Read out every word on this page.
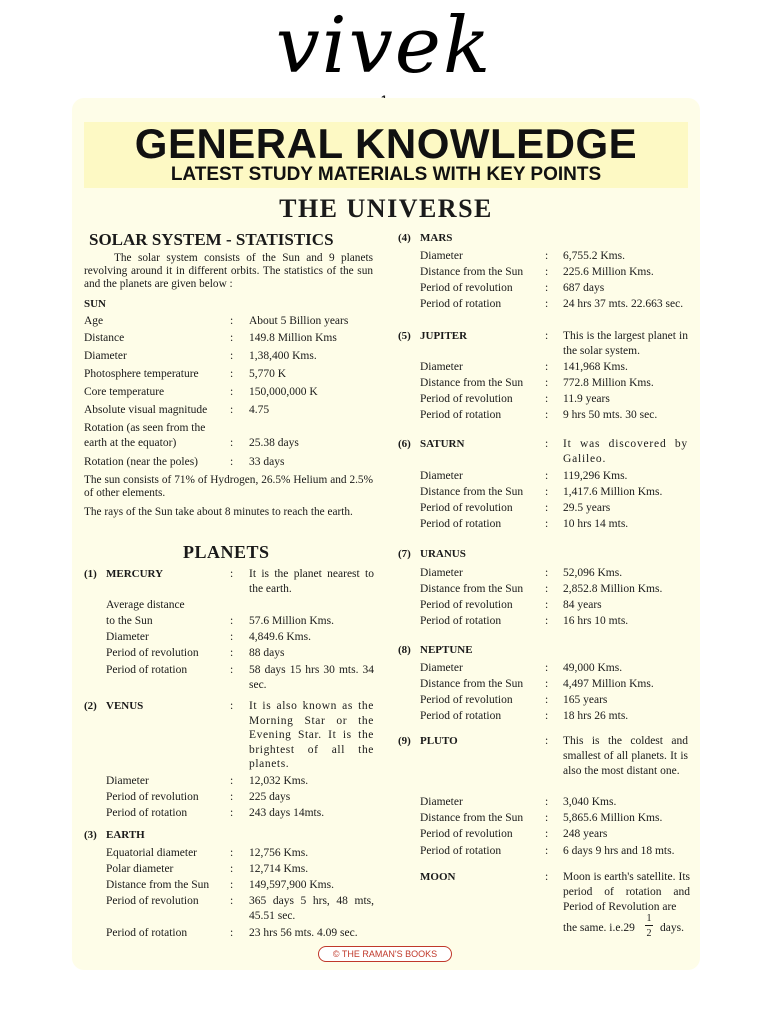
vivek
GENERAL KNOWLEDGE
LATEST STUDY MATERIALS WITH KEY POINTS
THE UNIVERSE
SOLAR SYSTEM - STATISTICS
The solar system consists of the Sun and 9 planets revolving around it in different orbits. The statistics of the sun and the planets are given below :
SUN
Age	: About 5 Billion years
Distance	: 149.8 Million Kms
Diameter	: 1,38,400 Kms.
Photosphere temperature	: 5,770 K
Core temperature	: 150,000,000 K
Absolute visual magnitude : 4.75
Rotation (as seen from the
earth at the equator)	: 25.38 days
Rotation (near the poles)	: 33 days
The sun consists of 71% of Hydrogen, 26.5% Helium and 2.5% of other elements.
The rays of the Sun take about 8 minutes to reach the earth.
PLANETS
(1) MERCURY	: It is the planet nearest to the earth.
Average distance
to the Sun	: 57.6 Million Kms.
Diameter	: 4,849.6 Kms.
Period of revolution	: 88 days
Period of rotation	: 58 days 15 hrs 30 mts. 34 sec.
(2) VENUS	: It is also known as the Morning Star or the Evening Star. It is the brightest of all the planets.
Diameter	: 12,032 Kms.
Period of revolution	: 225 days
Period of rotation	: 243 days 14mts.
(3) EARTH
Equatorial diameter	: 12,756 Kms.
Polar diameter	: 12,714 Kms.
Distance from the Sun : 149,597,900 Kms.
Period of revolution	: 365 days 5 hrs, 48 mts, 45.51 sec.
Period of rotation	: 23 hrs 56 mts. 4.09 sec.
(4) MARS
Diameter	: 6,755.2 Kms.
Distance from the Sun : 225.6 Million Kms.
Period of revolution	: 687 days
Period of rotation	: 24 hrs 37 mts. 22.663 sec.
(5) JUPITER	: This is the largest planet in the solar system.
Diameter	: 141,968 Kms.
Distance from the Sun : 772.8 Million Kms.
Period of revolution	: 11.9 years
Period of rotation	: 9 hrs 50 mts. 30 sec.
(6) SATURN	: It was discovered by Galileo.
Diameter	: 119,296 Kms.
Distance from the Sun : 1,417.6 Million Kms.
Period of revolution	: 29.5 years
Period of rotation	: 10 hrs 14 mts.
(7) URANUS
Diameter	: 52,096 Kms.
Distance from the Sun : 2,852.8 Million Kms.
Period of revolution	: 84 years
Period of rotation	: 16 hrs 10 mts.
(8) NEPTUNE
Diameter	: 49,000 Kms.
Distance from the Sun : 4,497 Million Kms.
Period of revolution	: 165 years
Period of rotation	: 18 hrs 26 mts.
(9) PLUTO	: This is the coldest and smallest of all planets. It is also the most distant one.
Diameter	: 3,040 Kms.
Distance from the Sun : 5,865.6 Million Kms.
Period of revolution	: 248 years
Period of rotation	: 6 days 9 hrs and 18 mts.
MOON	: Moon is earth's satellite. Its period of rotation and Period of Revolution are
the same. i.e.29
1
2 days.
© THE RAMAN'S BOOKS
